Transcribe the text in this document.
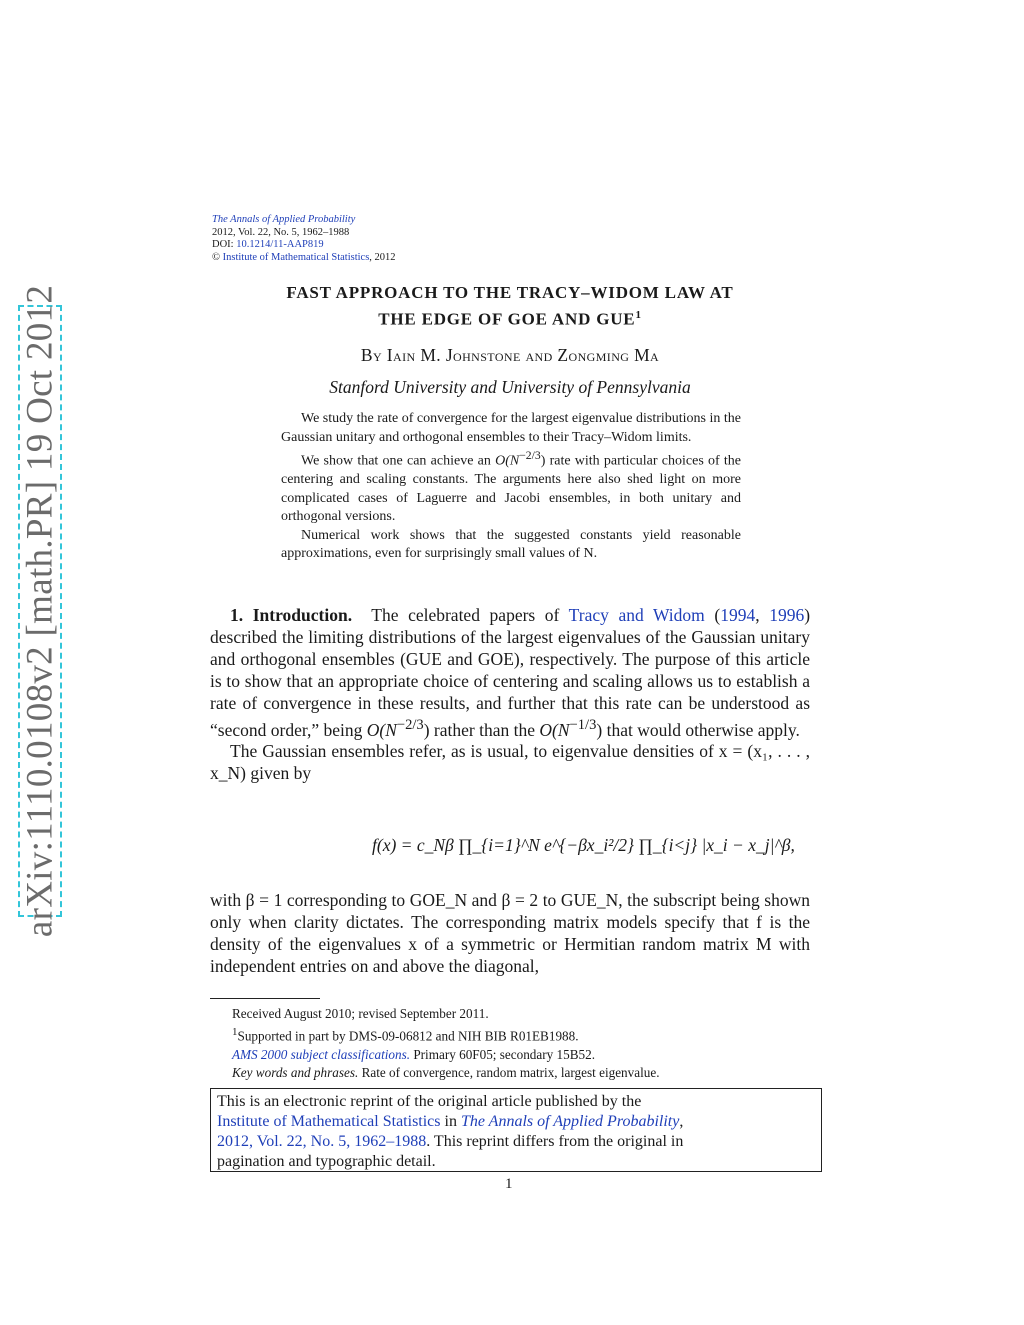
arXiv:1110.0108v2 [math.PR] 19 Oct 2012
The Annals of Applied Probability
2012, Vol. 22, No. 5, 1962–1988
DOI: 10.1214/11-AAP819
© Institute of Mathematical Statistics, 2012
FAST APPROACH TO THE TRACY–WIDOM LAW AT
THE EDGE OF GOE AND GUE$^1$
By Iain M. Johnstone and Zongming Ma
Stanford University and University of Pennsylvania

We study the rate of convergence for the largest eigenvalue distributions in the Gaussian unitary and orthogonal ensembles to their Tracy–Widom limits.

We show that one can achieve an $O(N^{-2/3})$ rate with particular choices of the centering and scaling constants. The arguments here also shed light on more complicated cases of Laguerre and Jacobi ensembles, in both unitary and orthogonal versions.

Numerical work shows that the suggested constants yield reasonable approximations, even for surprisingly small values of N.

1. Introduction. The celebrated papers of Tracy and Widom (1994, 1996) described the limiting distributions of the largest eigenvalues of the Gaussian unitary and orthogonal ensembles (GUE and GOE), respectively. The purpose of this article is to show that an appropriate choice of centering and scaling allows us to establish a rate of convergence in these results, and further that this rate can be understood as “second order,” being $O(N^{-2/3})$ rather than the $O(N^{-1/3})$ that would otherwise apply.

The Gaussian ensembles refer, as is usual, to eigenvalue densities of x = (x₁, . . . , x_N) given by

f(x) = c_Nβ ∏_{i=1}^N e^{−βx_i²/2} ∏_{i<j} |x_i − x_j|^β,

with β = 1 corresponding to GOE_N and β = 2 to GUE_N, the subscript being shown only when clarity dictates. The corresponding matrix models specify that f is the density of the eigenvalues x of a symmetric or Hermitian random matrix M with independent entries on and above the diagonal,

Received August 2010; revised September 2011.
$^1$Supported in part by DMS-09-06812 and NIH BIB R01EB1988.
AMS 2000 subject classifications. Primary 60F05; secondary 15B52.
Key words and phrases. Rate of convergence, random matrix, largest eigenvalue.
This is an electronic reprint of the original article published by the
Institute of Mathematical Statistics in The Annals of Applied Probability,
2012, Vol. 22, No. 5, 1962–1988. This reprint differs from the original in
pagination and typographic detail.
1
